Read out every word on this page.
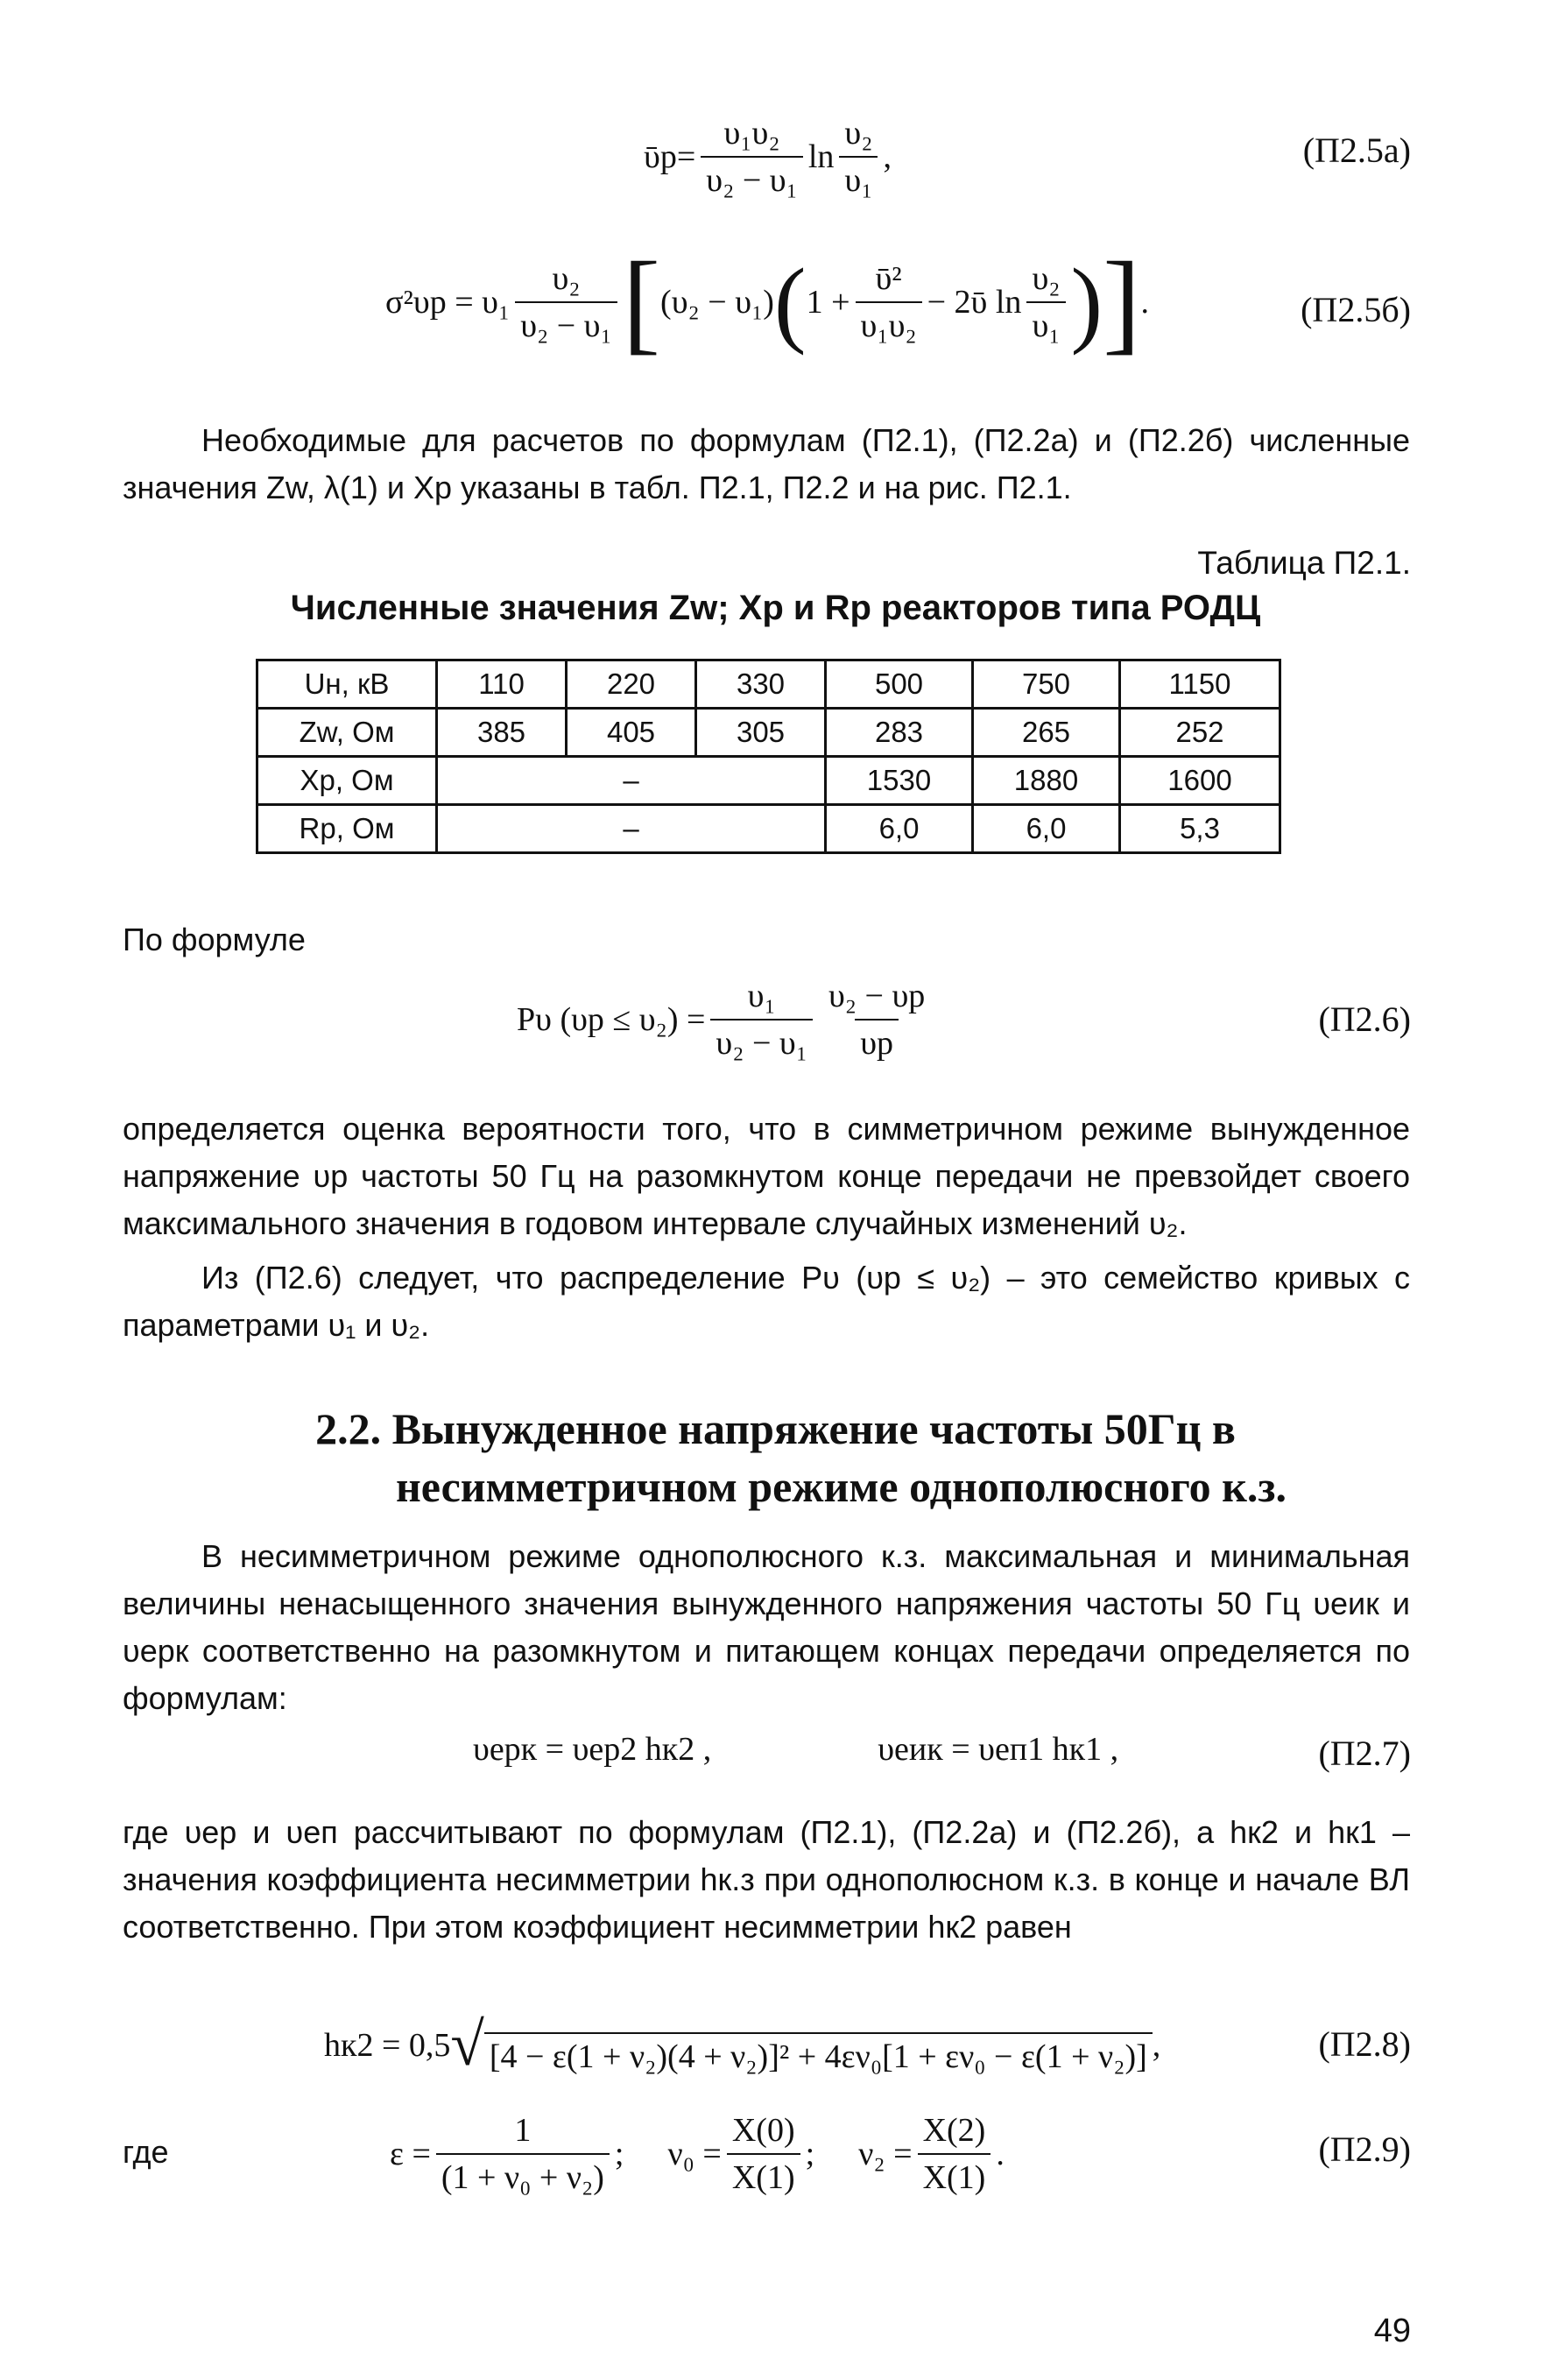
ῡр= $\frac{\text{υ₁υ₂}}{\text{υ₂ − υ₁}}$ $\ln \frac{\text{υ₂}}{\text{υ₁}}$ ,	(П2.5а)
$\sigma^2\upsilon р = \upsilon_1 \frac{\text{υ₂}}{\text{υ₂ − υ₁}}$ [ (υ₂ − υ₁) ( $1 + \frac{\text{ῡ²}}{\text{υ₁υ₂}}$ − 2ῡ $\ln \frac{\text{υ₂}}{\text{υ₁}}$ ) ] .	(П2.5б)
Необходимые для расчетов по формулам (П2.1), (П2.2а) и (П2.2б) численные значения Zw, λ(1) и Xр указаны в табл. П2.1, П2.2 и на рис. П2.1.
Таблица П2.1.
Численные значения Zw; Xр и Rр реакторов типа РОДЦ
Uн, кВ	110	220	330	500	750	1150
Zw, Ом	385	405	305	283	265	252
Xр, Ом	–			1530	1880	1600
Rр, Ом	–			6,0	6,0	5,3
По формуле
Pυ $(\upsilon р \le \upsilon_2) = \frac{\text{υ₁}}{\text{υ₂ − υ₁}} \frac{\text{υ₂ − υр}}{\upsilon р}$	(П2.6)
определяется оценка вероятности того, что в симметричном режиме вынужденное напряжение υр частоты 50 Гц на разомкнутом конце передачи не превзойдет своего максимального значения в годовом интервале случайных изменений υ₂.
Из (П2.6) следует, что распределение Pυ (υр ≤ υ₂) – это семейство кривых с параметрами υ₁ и υ₂.
2.2. Вынужденное напряжение частоты 50Гц в
несимметричном режиме однополюсного к.з.
В несимметричном режиме однополюсного к.з. максимальная и минимальная величины ненасыщенного значения вынужденного напряжения частоты 50 Гц υеик и υерк соответственно на разомкнутом и питающем концах передачи определяется по формулам:
υерк = υер2 hк2 ,	υеик = υеп1 hк1 ,	(П2.7)
где υер и υеп рассчитывают по формулам (П2.1), (П2.2а) и (П2.2б), а hк2 и hк1 – значения коэффициента несимметрии hк.з при однополюсном к.з. в конце и начале ВЛ соответственно. При этом коэффициент несимметрии hк2 равен
hк2 = 0,5 √ [4 − ε(1 + ν₂)(4 + ν₂)]² + 4εν₀[1 + εν₀ − ε(1 + ν₂)] ,	(П2.8)
где	$\varepsilon = \frac{1}{\text{(1 + ν₀ + ν₂)}}$ ; $\nu_0 = \frac{X(0)}{X(1)}$ ; $\nu_2 = \frac{X(2)}{X(1)}$ .	(П2.9)
49
